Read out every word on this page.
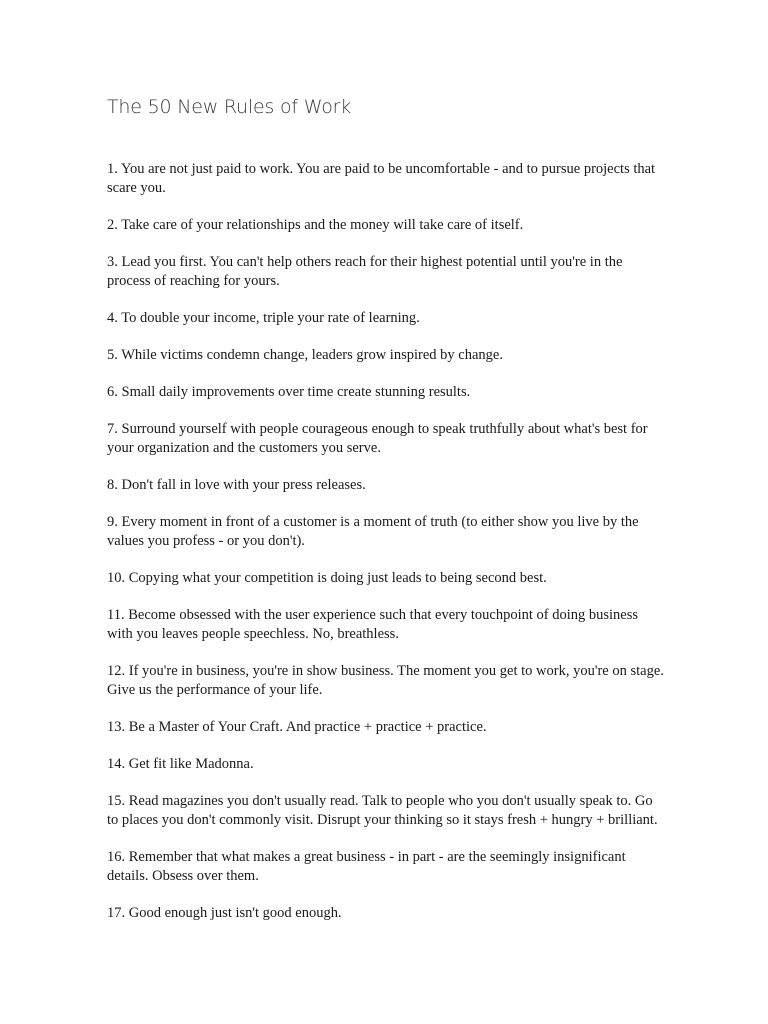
The 50 New Rules of Work
1. You are not just paid to work. You are paid to be uncomfortable - and to pursue projects that scare you.
2. Take care of your relationships and the money will take care of itself.
3. Lead you first. You can't help others reach for their highest potential until you're in the process of reaching for yours.
4. To double your income, triple your rate of learning.
5. While victims condemn change, leaders grow inspired by change.
6. Small daily improvements over time create stunning results.
7. Surround yourself with people courageous enough to speak truthfully about what's best for your organization and the customers you serve.
8. Don't fall in love with your press releases.
9. Every moment in front of a customer is a moment of truth (to either show you live by the values you profess - or you don't).
10. Copying what your competition is doing just leads to being second best.
11. Become obsessed with the user experience such that every touchpoint of doing business with you leaves people speechless. No, breathless.
12. If you're in business, you're in show business. The moment you get to work, you're on stage. Give us the performance of your life.
13. Be a Master of Your Craft. And practice + practice + practice.
14. Get fit like Madonna.
15. Read magazines you don't usually read. Talk to people who you don't usually speak to. Go to places you don't commonly visit. Disrupt your thinking so it stays fresh + hungry + brilliant.
16. Remember that what makes a great business - in part - are the seemingly insignificant details. Obsess over them.
17. Good enough just isn't good enough.
